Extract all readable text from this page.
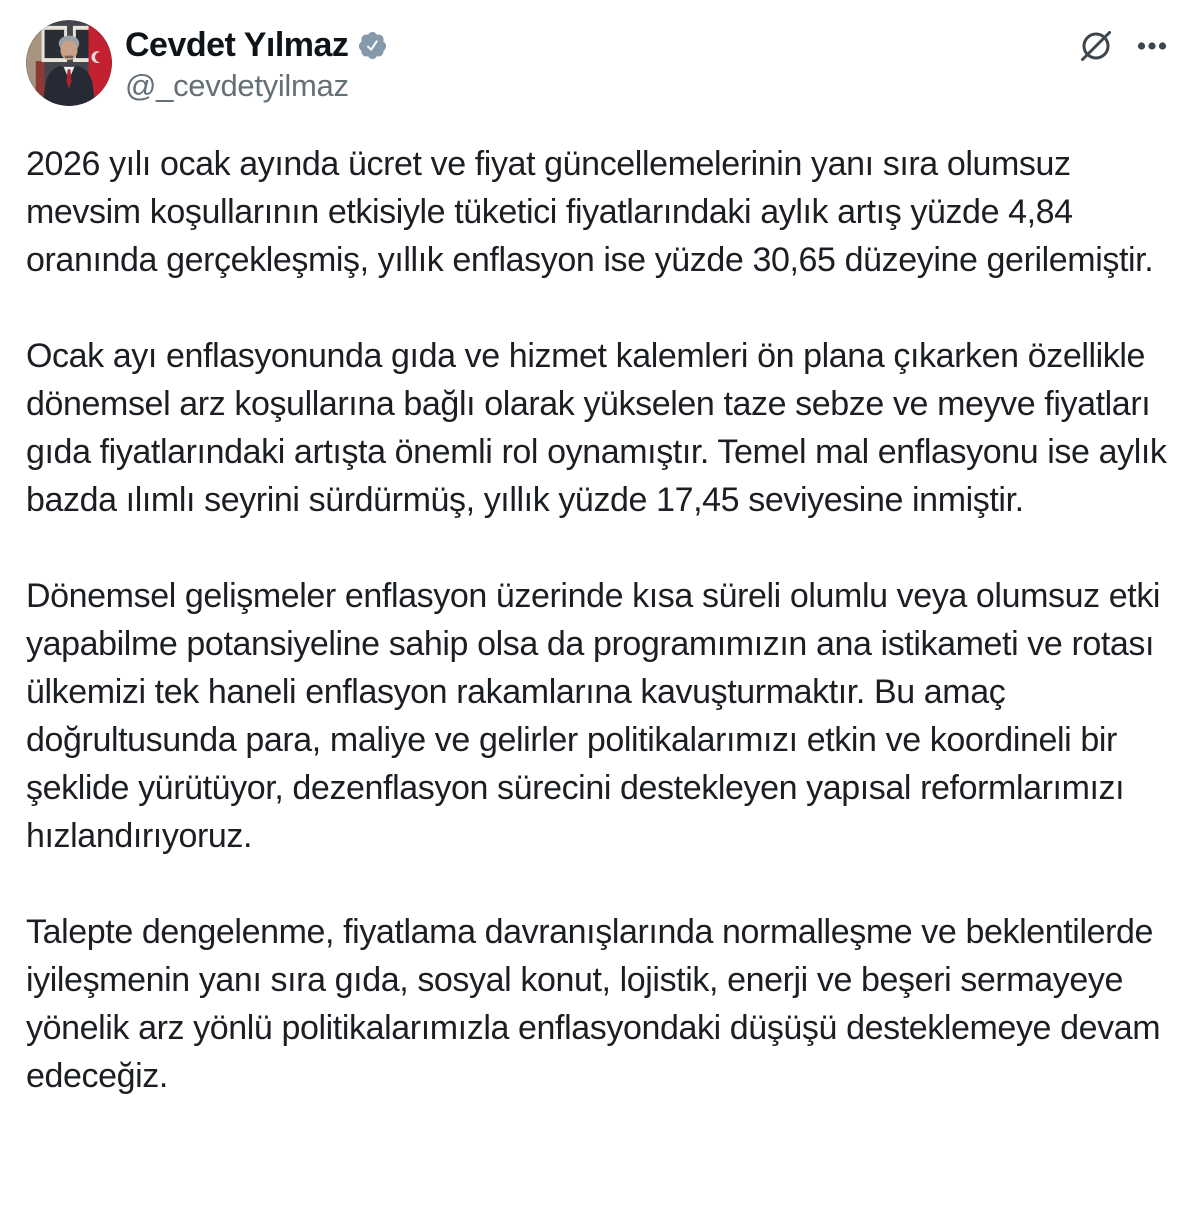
Cevdet Yılmaz
@_cevdetyilmaz

2026 yılı ocak ayında ücret ve fiyat güncellemelerinin yanı sıra olumsuz mevsim koşullarının etkisiyle tüketici fiyatlarındaki aylık artış yüzde 4,84 oranında gerçekleşmiş, yıllık enflasyon ise yüzde 30,65 düzeyine gerilemiştir.

Ocak ayı enflasyonunda gıda ve hizmet kalemleri ön plana çıkarken özellikle dönemsel arz koşullarına bağlı olarak yükselen taze sebze ve meyve fiyatları gıda fiyatlarındaki artışta önemli rol oynamıştır. Temel mal enflasyonu ise aylık bazda ılımlı seyrini sürdürmüş, yıllık yüzde 17,45 seviyesine inmiştir.

Dönemsel gelişmeler enflasyon üzerinde kısa süreli olumlu veya olumsuz etki yapabilme potansiyeline sahip olsa da programımızın ana istikameti ve rotası ülkemizi tek haneli enflasyon rakamlarına kavuşturmaktır. Bu amaç doğrultusunda para, maliye ve gelirler politikalarımızı etkin ve koordineli bir şeklide yürütüyor, dezenflasyon sürecini destekleyen yapısal reformlarımızı hızlandırıyoruz.

Talepte dengelenme, fiyatlama davranışlarında normalleşme ve beklentilerde iyileşmenin yanı sıra gıda, sosyal konut, lojistik, enerji ve beşeri sermayeye yönelik arz yönlü politikalarımızla enflasyondaki düşüşü desteklemeye devam edeceğiz.
